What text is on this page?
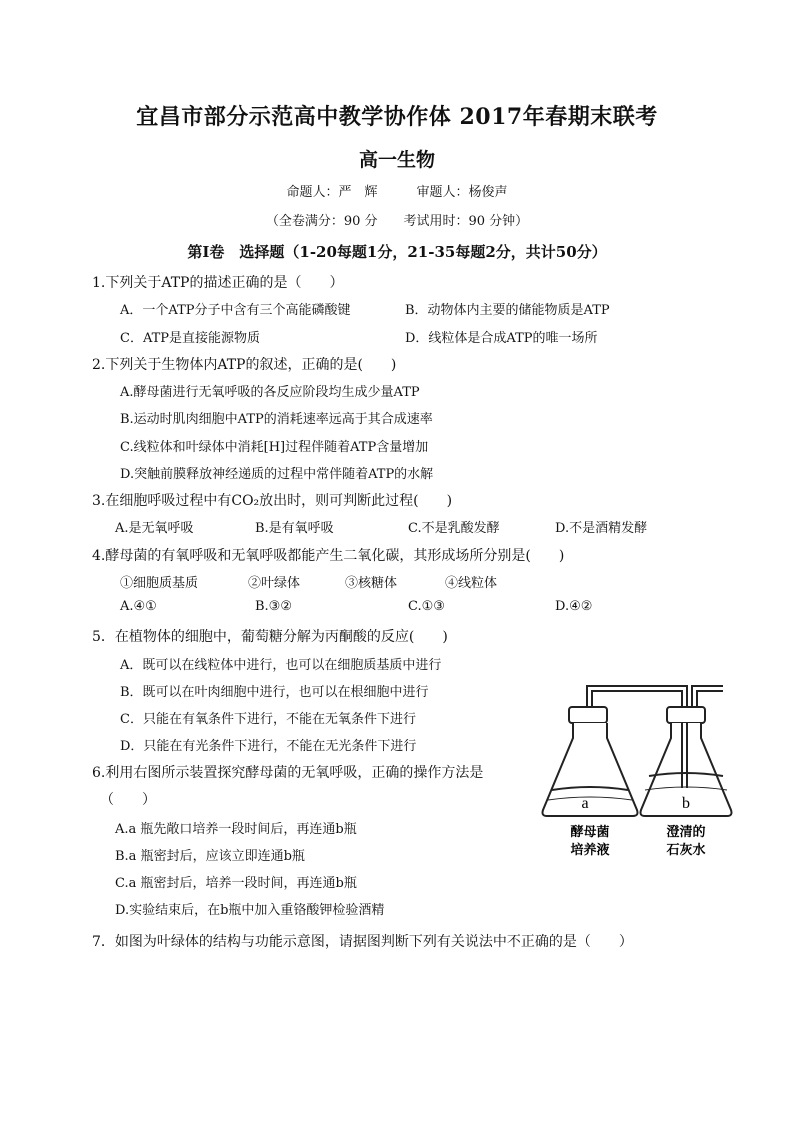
宜昌市部分示范高中教学协作体 2017年春期末联考
高一生物
命题人：严　辉　　　审题人：杨俊声
（全卷满分：90 分　　考试用时：90 分钟）
第Ⅰ卷　选择题（1-20每题1分，21-35每题2分，共计50分）
1.下列关于ATP的描述正确的是（　　）
A．一个ATP分子中含有三个高能磷酸键	B．动物体内主要的储能物质是ATP
C．ATP是直接能源物质	D．线粒体是合成ATP的唯一场所
2.下列关于生物体内ATP的叙述，正确的是(　　)
A.酵母菌进行无氧呼吸的各反应阶段均生成少量ATP
B.运动时肌肉细胞中ATP的消耗速率远高于其合成速率
C.线粒体和叶绿体中消耗[H]过程伴随着ATP含量增加
D.突触前膜释放神经递质的过程中常伴随着ATP的水解
3.在细胞呼吸过程中有CO₂放出时，则可判断此过程(　　)
A.是无氧呼吸	B.是有氧呼吸	C.不是乳酸发酵	D.不是酒精发酵
4.酵母菌的有氧呼吸和无氧呼吸都能产生二氧化碳，其形成场所分别是(　　)
①细胞质基质	②叶绿体	③核糖体	④线粒体
A.④①	B.③②	C.①③	D.④②
5．在植物体的细胞中，葡萄糖分解为丙酮酸的反应(　　)
A．既可以在线粒体中进行，也可以在细胞质基质中进行
B．既可以在叶肉细胞中进行，也可以在根细胞中进行
C．只能在有氧条件下进行，不能在无氧条件下进行
D．只能在有光条件下进行，不能在无光条件下进行
6.利用右图所示装置探究酵母菌的无氧呼吸，正确的操作方法是
（　　）
A.a 瓶先敞口培养一段时间后，再连通b瓶
B.a 瓶密封后，应该立即连通b瓶
C.a 瓶密封后，培养一段时间，再连通b瓶
D.实验结束后，在b瓶中加入重铬酸钾检验酒精
7．如图为叶绿体的结构与功能示意图，请据图判断下列有关说法中不正确的是（　　）
a	b
酵母菌
培养液
澄清的
石灰水
